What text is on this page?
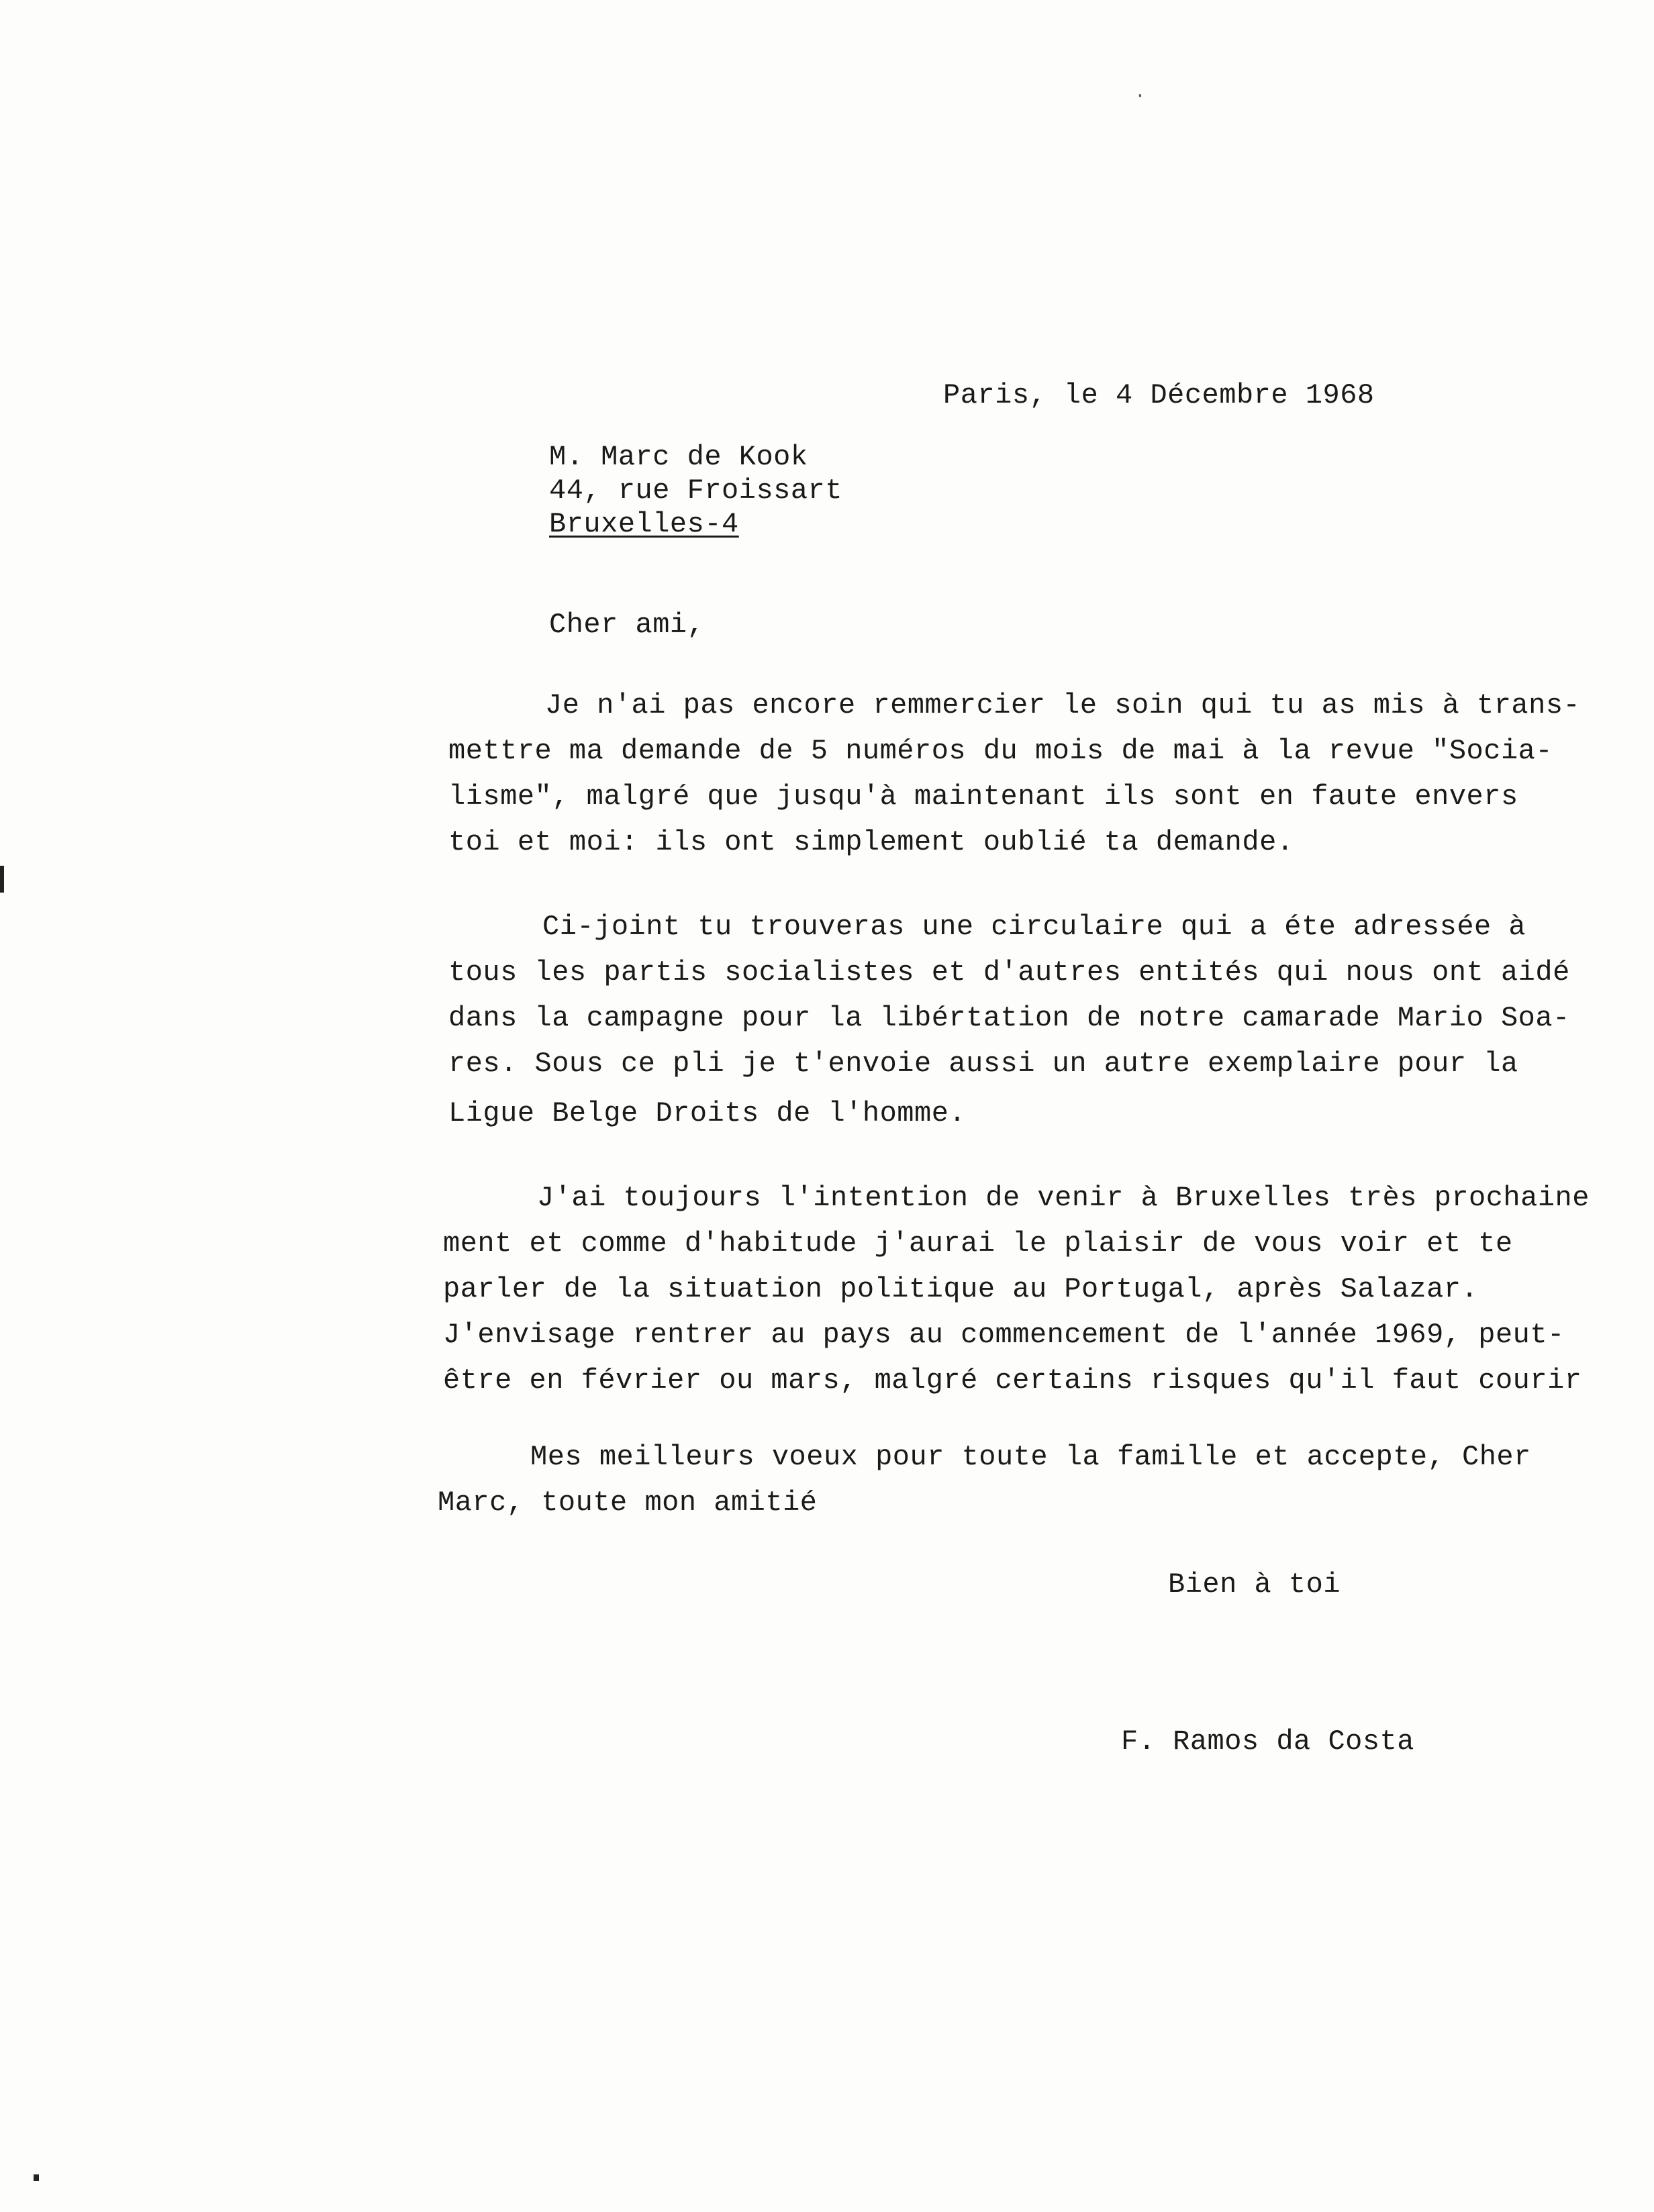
·
Paris, le 4 Décembre 1968
M. Marc de Kook
44, rue Froissart
Bruxelles-4
Cher ami,
Je n'ai pas encore remmercier le soin qui tu as mis à trans-
mettre ma demande de 5 numéros du mois de mai à la revue "Socia-
lisme", malgré que jusqu'à maintenant ils sont en faute envers
toi et moi: ils ont simplement oublié ta demande.
Ci-joint tu trouveras une circulaire qui a éte adressée à
tous les partis socialistes et d'autres entités qui nous ont aidé
dans la campagne pour la libértation de notre camarade Mario Soa-
res. Sous ce pli je t'envoie aussi un autre exemplaire pour la
Ligue Belge Droits de l'homme.
J'ai toujours l'intention de venir à Bruxelles très prochaine
ment et comme d'habitude j'aurai le plaisir de vous voir et te
parler de la situation politique au Portugal, après Salazar.
J'envisage rentrer au pays au commencement de l'année 1969, peut-
être en février ou mars, malgré certains risques qu'il faut courir
Mes meilleurs voeux pour toute la famille et accepte, Cher
Marc, toute mon amitié
Bien à toi
F. Ramos da Costa
